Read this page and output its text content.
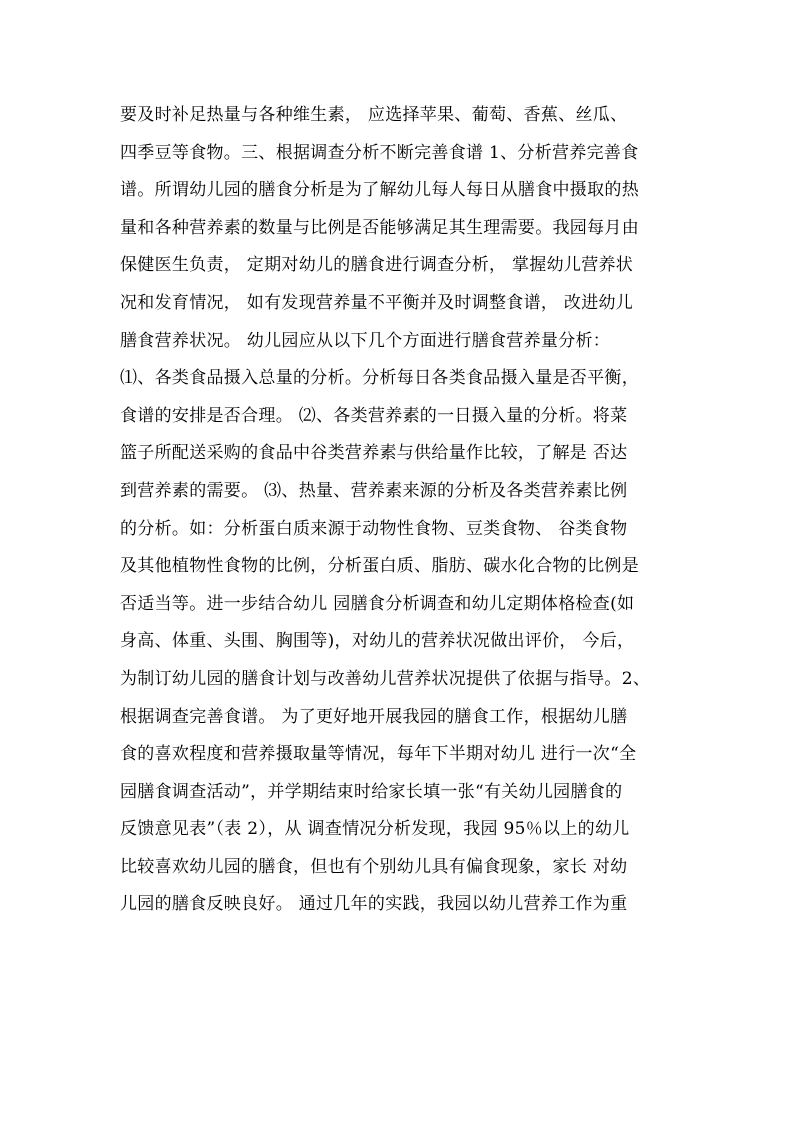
要及时补足热量与各种维生素， 应选择苹果、葡萄、香蕉、丝瓜、
四季豆等食物。三、根据调查分析不断完善食谱 1、分析营养完善食
谱。所谓幼儿园的膳食分析是为了解幼儿每人每日从膳食中摄取的热
量和各种营养素的数量与比例是否能够满足其生理需要。我园每月由
保健医生负责， 定期对幼儿的膳食进行调查分析， 掌握幼儿营养状
况和发育情况， 如有发现营养量不平衡并及时调整食谱， 改进幼儿
膳食营养状况。 幼儿园应从以下几个方面进行膳食营养量分析：
⑴、各类食品摄入总量的分析。分析每日各类食品摄入量是否平衡，
食谱的安排是否合理。 ⑵、各类营养素的一日摄入量的分析。将菜
篮子所配送采购的食品中谷类营养素与供给量作比较，了解是 否达
到营养素的需要。 ⑶、热量、营养素来源的分析及各类营养素比例
的分析。如：分析蛋白质来源于动物性食物、豆类食物、 谷类食物
及其他植物性食物的比例，分析蛋白质、脂肪、碳水化合物的比例是
否适当等。进一步结合幼儿 园膳食分析调查和幼儿定期体格检查(如
身高、体重、头围、胸围等)，对幼儿的营养状况做出评价， 今后，
为制订幼儿园的膳食计划与改善幼儿营养状况提供了依据与指导。2、
根据调查完善食谱。 为了更好地开展我园的膳食工作，根据幼儿膳
食的喜欢程度和营养摄取量等情况，每年下半期对幼儿 进行一次“全
园膳食调查活动”，并学期结束时给家长填一张“有关幼儿园膳食的
反馈意见表”（表 2），从 调查情况分析发现，我园 95％以上的幼儿
比较喜欢幼儿园的膳食，但也有个别幼儿具有偏食现象，家长 对幼
儿园的膳食反映良好。 通过几年的实践，我园以幼儿营养工作为重
